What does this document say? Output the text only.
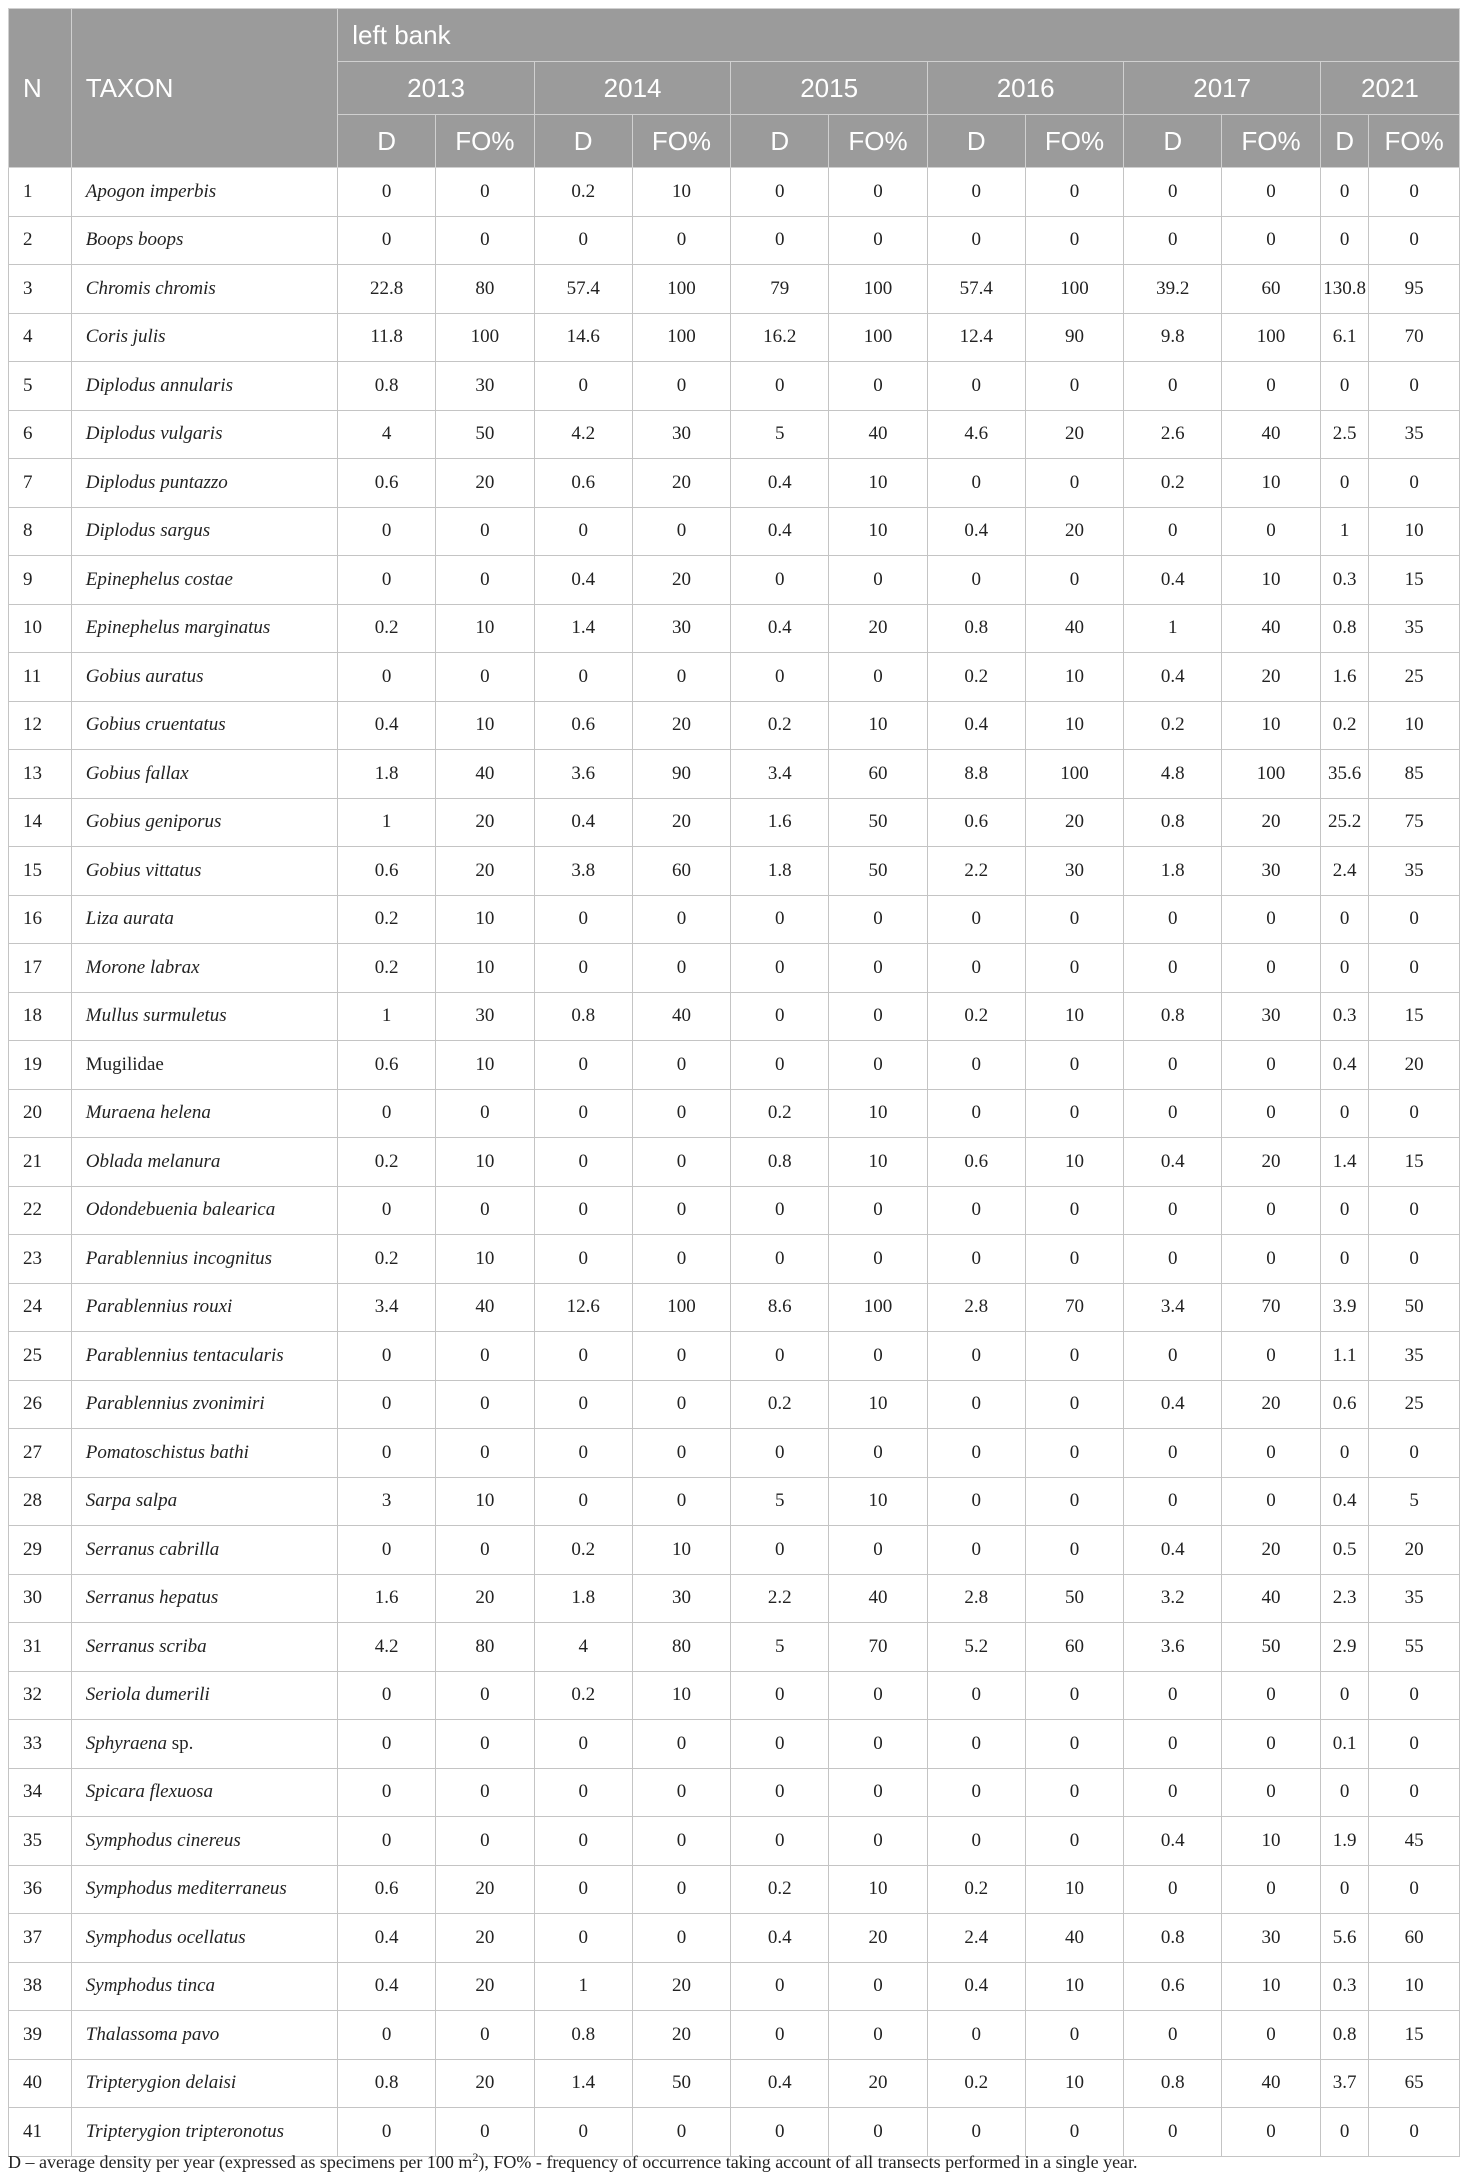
N	TAXON	left bank											
		2013		2014		2015		2016		2017		2021	
		D	FO%	D	FO%	D	FO%	D	FO%	D	FO%	D	FO%
1	Apogon imperbis	0	0	0.2	10	0	0	0	0	0	0	0	0
2	Boops boops	0	0	0	0	0	0	0	0	0	0	0	0
3	Chromis chromis	22.8	80	57.4	100	79	100	57.4	100	39.2	60	130.8	95
4	Coris julis	11.8	100	14.6	100	16.2	100	12.4	90	9.8	100	6.1	70
5	Diplodus annularis	0.8	30	0	0	0	0	0	0	0	0	0	0
6	Diplodus vulgaris	4	50	4.2	30	5	40	4.6	20	2.6	40	2.5	35
7	Diplodus puntazzo	0.6	20	0.6	20	0.4	10	0	0	0.2	10	0	0
8	Diplodus sargus	0	0	0	0	0.4	10	0.4	20	0	0	1	10
9	Epinephelus costae	0	0	0.4	20	0	0	0	0	0.4	10	0.3	15
10	Epinephelus marginatus	0.2	10	1.4	30	0.4	20	0.8	40	1	40	0.8	35
11	Gobius auratus	0	0	0	0	0	0	0.2	10	0.4	20	1.6	25
12	Gobius cruentatus	0.4	10	0.6	20	0.2	10	0.4	10	0.2	10	0.2	10
13	Gobius fallax	1.8	40	3.6	90	3.4	60	8.8	100	4.8	100	35.6	85
14	Gobius geniporus	1	20	0.4	20	1.6	50	0.6	20	0.8	20	25.2	75
15	Gobius vittatus	0.6	20	3.8	60	1.8	50	2.2	30	1.8	30	2.4	35
16	Liza aurata	0.2	10	0	0	0	0	0	0	0	0	0	0
17	Morone labrax	0.2	10	0	0	0	0	0	0	0	0	0	0
18	Mullus surmuletus	1	30	0.8	40	0	0	0.2	10	0.8	30	0.3	15
19	Mugilidae	0.6	10	0	0	0	0	0	0	0	0	0.4	20
20	Muraena helena	0	0	0	0	0.2	10	0	0	0	0	0	0
21	Oblada melanura	0.2	10	0	0	0.8	10	0.6	10	0.4	20	1.4	15
22	Odondebuenia balearica	0	0	0	0	0	0	0	0	0	0	0	0
23	Parablennius incognitus	0.2	10	0	0	0	0	0	0	0	0	0	0
24	Parablennius rouxi	3.4	40	12.6	100	8.6	100	2.8	70	3.4	70	3.9	50
25	Parablennius tentacularis	0	0	0	0	0	0	0	0	0	0	1.1	35
26	Parablennius zvonimiri	0	0	0	0	0.2	10	0	0	0.4	20	0.6	25
27	Pomatoschistus bathi	0	0	0	0	0	0	0	0	0	0	0	0
28	Sarpa salpa	3	10	0	0	5	10	0	0	0	0	0.4	5
29	Serranus cabrilla	0	0	0.2	10	0	0	0	0	0.4	20	0.5	20
30	Serranus hepatus	1.6	20	1.8	30	2.2	40	2.8	50	3.2	40	2.3	35
31	Serranus scriba	4.2	80	4	80	5	70	5.2	60	3.6	50	2.9	55
32	Seriola dumerili	0	0	0.2	10	0	0	0	0	0	0	0	0
33	Sphyraena sp.	0	0	0	0	0	0	0	0	0	0	0.1	0
34	Spicara flexuosa	0	0	0	0	0	0	0	0	0	0	0	0
35	Symphodus cinereus	0	0	0	0	0	0	0	0	0.4	10	1.9	45
36	Symphodus mediterraneus	0.6	20	0	0	0.2	10	0.2	10	0	0	0	0
37	Symphodus ocellatus	0.4	20	0	0	0.4	20	2.4	40	0.8	30	5.6	60
38	Symphodus tinca	0.4	20	1	20	0	0	0.4	10	0.6	10	0.3	10
39	Thalassoma pavo	0	0	0.8	20	0	0	0	0	0	0	0.8	15
40	Tripterygion delaisi	0.8	20	1.4	50	0.4	20	0.2	10	0.8	40	3.7	65
41	Tripterygion tripteronotus	0	0	0	0	0	0	0	0	0	0	0	0
D – average density per year (expressed as specimens per 100 $m^2$), FO% - frequency of occurrence taking account of all transects performed in a single year.
